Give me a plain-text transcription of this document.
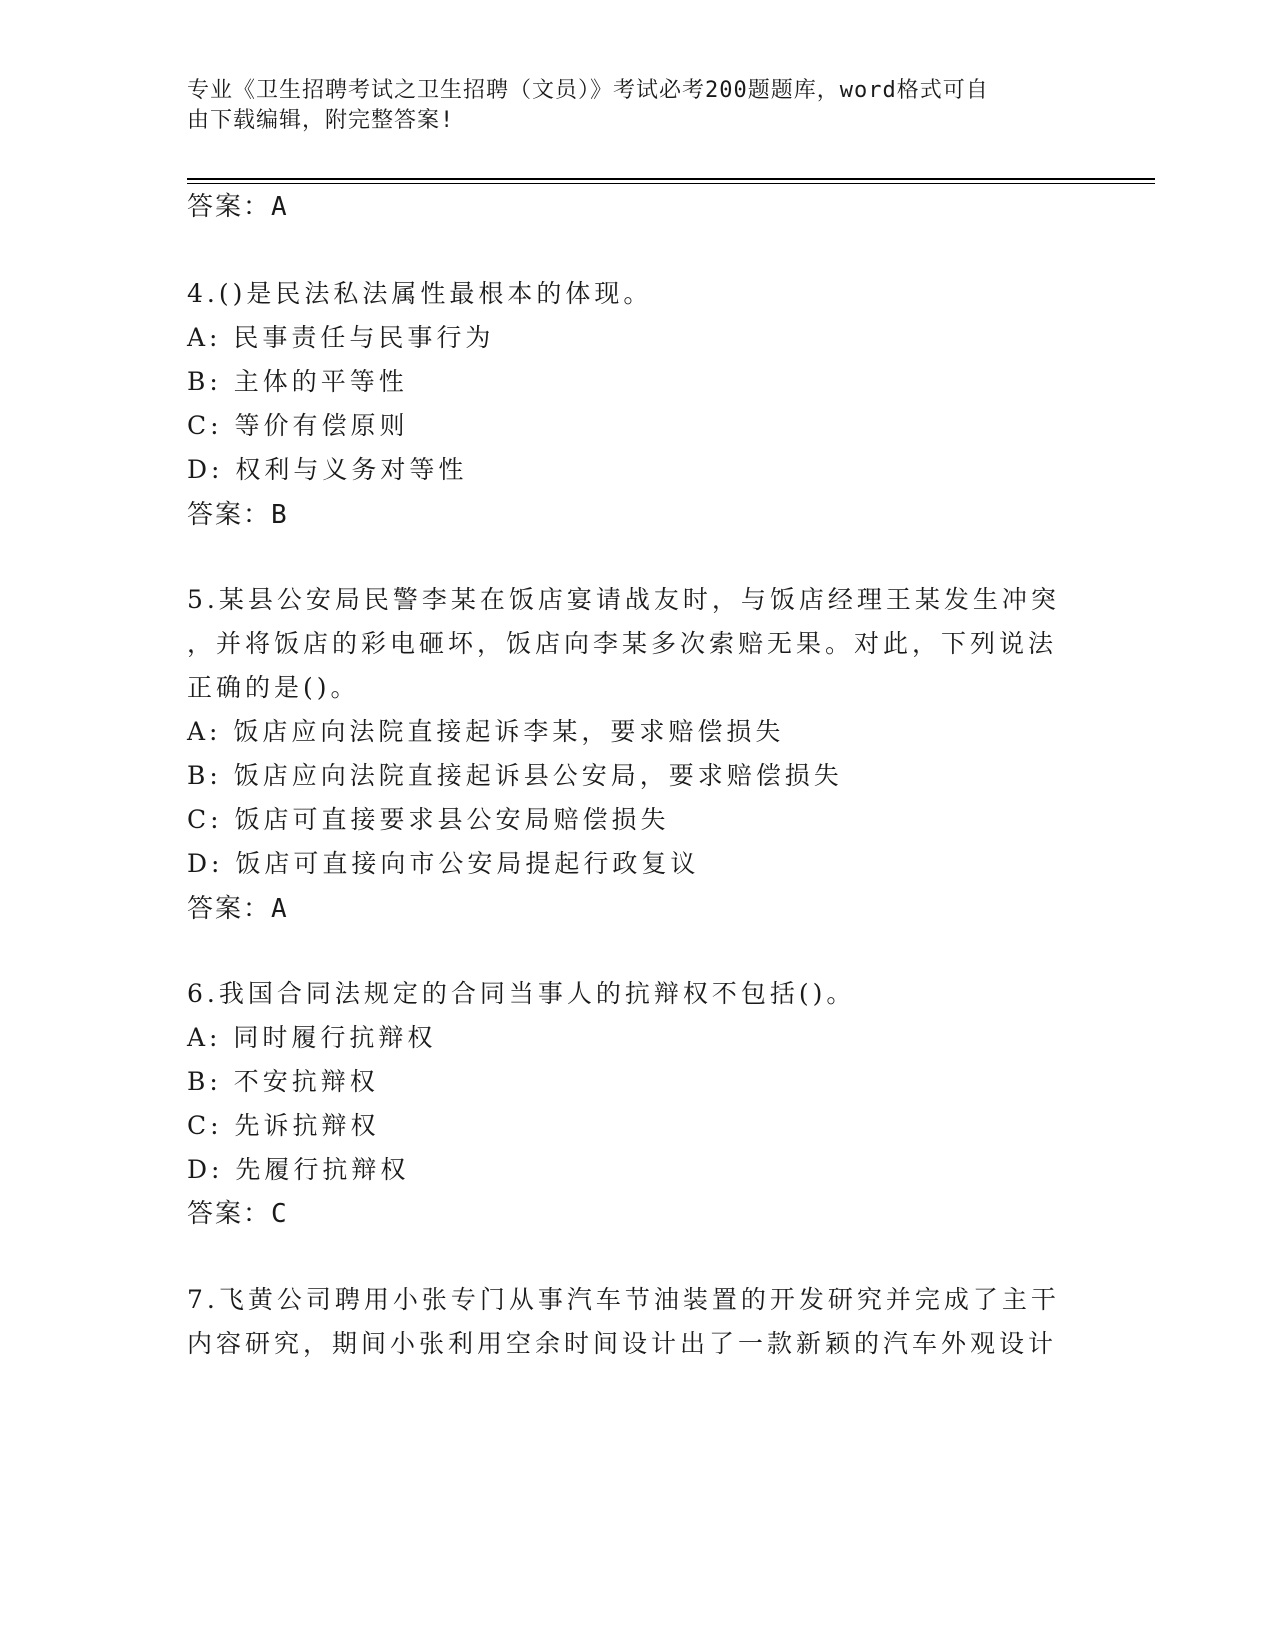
专业《卫生招聘考试之卫生招聘（文员）》考试必考200题题库，word格式可自
由下载编辑，附完整答案!
答案：A
4.()是民法私法属性最根本的体现。
A: 民事责任与民事行为
B: 主体的平等性
C: 等价有偿原则
D: 权利与义务对等性
答案：B
5.某县公安局民警李某在饭店宴请战友时，与饭店经理王某发生冲突
，并将饭店的彩电砸坏，饭店向李某多次索赔无果。对此，下列说法
正确的是()。
A: 饭店应向法院直接起诉李某，要求赔偿损失
B: 饭店应向法院直接起诉县公安局，要求赔偿损失
C: 饭店可直接要求县公安局赔偿损失
D: 饭店可直接向市公安局提起行政复议
答案：A
6.我国合同法规定的合同当事人的抗辩权不包括()。
A: 同时履行抗辩权
B: 不安抗辩权
C: 先诉抗辩权
D: 先履行抗辩权
答案：C
7.飞黄公司聘用小张专门从事汽车节油装置的开发研究并完成了主干
内容研究，期间小张利用空余时间设计出了一款新颖的汽车外观设计
